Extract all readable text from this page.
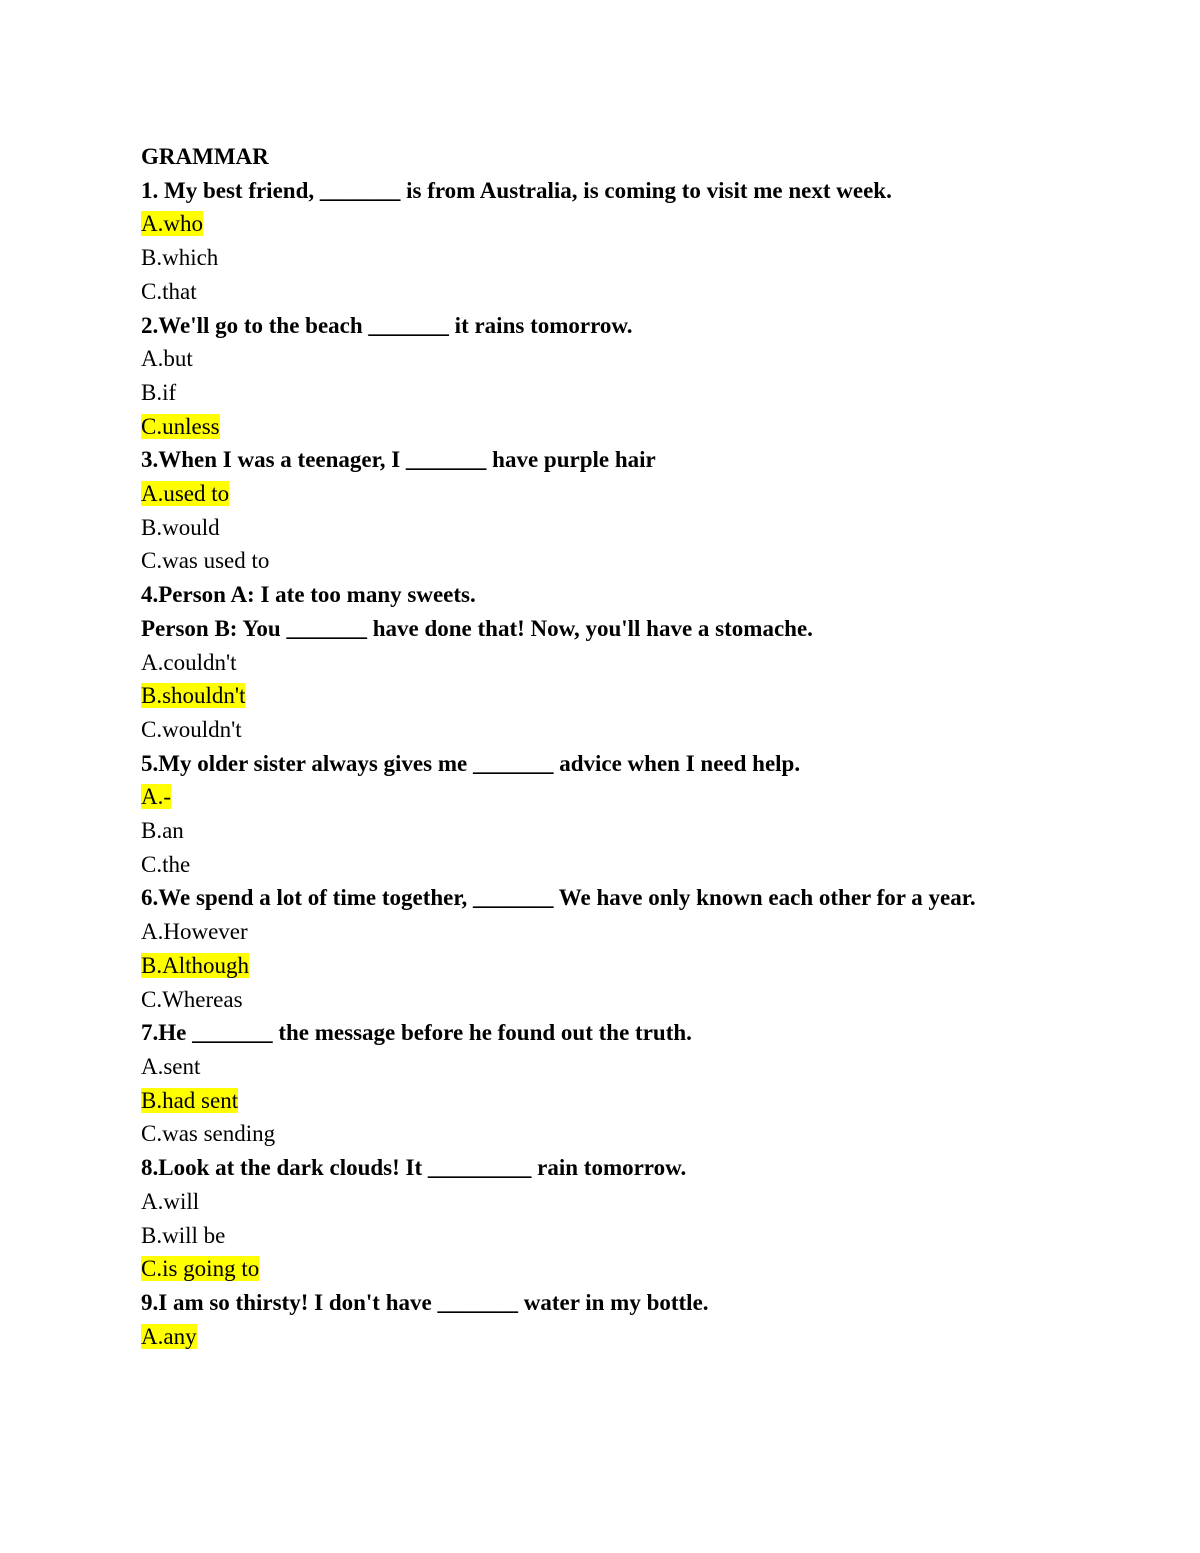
GRAMMAR

1. My best friend, _______ is from Australia, is coming to visit me next week.

A.who

B.which

C.that

2.We'll go to the beach _______ it rains tomorrow.

A.but

B.if

C.unless

3.When I was a teenager, I _______ have purple hair

A.used to

B.would

C.was used to

4.Person A: I ate too many sweets.

Person B: You _______ have done that! Now, you'll have a stomache.

A.couldn't

B.shouldn't

C.wouldn't

5.My older sister always gives me _______ advice when I need help.

A.-

B.an

C.the

6.We spend a lot of time together, _______ We have only known each other for a year.

A.However

B.Although

C.Whereas

7.He _______ the message before he found out the truth.

A.sent

B.had sent

C.was sending

8.Look at the dark clouds! It _________ rain tomorrow.

A.will

B.will be

C.is going to

9.I am so thirsty! I don't have _______ water in my bottle.

A.any
